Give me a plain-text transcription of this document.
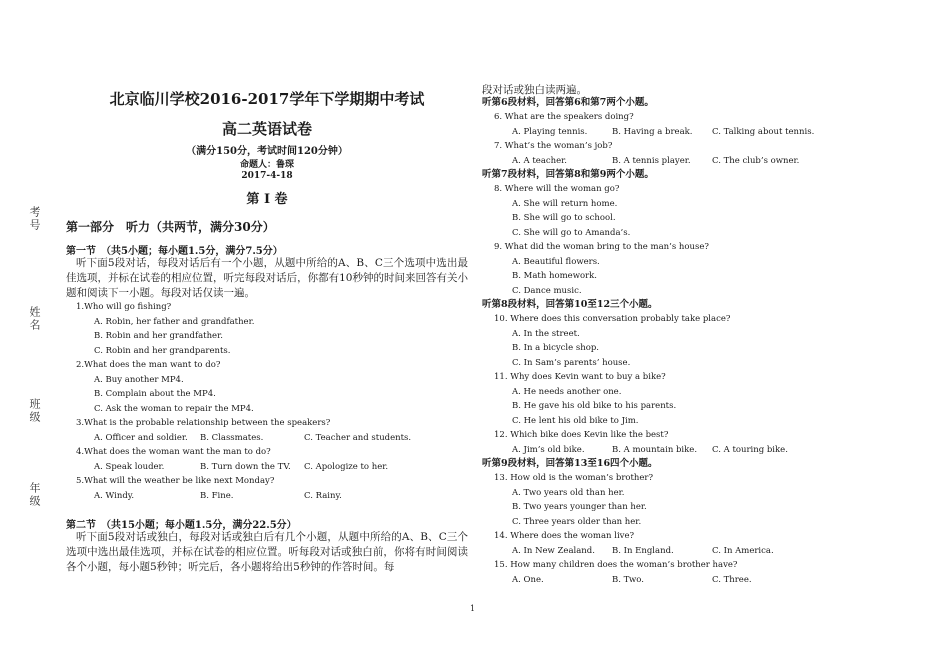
考号
姓名
班级
年级
北京临川学校2016-2017学年下学期期中考试
高二英语试卷
（满分150分，考试时间120分钟）
命题人：鲁琛
2017-4-18
第 I 卷
第一部分　听力（共两节，满分30分）
第一节　（共5小题；每小题1.5分，满分7.5分）
听下面5段对话，每段对话后有一个小题，从题中所给的A、B、C三个选项中选出最佳选项，并标在试卷的相应位置，听完每段对话后，你都有10秒钟的时间来回答有关小题和阅读下一小题。每段对话仅读一遍。
1.Who will go fishing?
A. Robin, her father and grandfather.
B. Robin and her grandfather.
C. Robin and her grandparents.
2.What does the man want to do?
A. Buy another MP4.
B. Complain about the MP4.
C. Ask the woman to repair the MP4.
3.What is the probable relationship between the speakers?
A. Officer and soldier.	B. Classmates.	C. Teacher and students.
4.What does the woman want the man to do?
A. Speak louder.	B. Turn down the TV.	C. Apologize to her.
5.What will the weather be like next Monday?
A. Windy.	B. Fine.	C. Rainy.
第二节　（共15小题；每小题1.5分，满分22.5分）
听下面5段对话或独白，每段对话或独白后有几个小题，从题中所给的A、B、C三个选项中选出最佳选项，并标在试卷的相应位置。听每段对话或独白前，你将有时间阅读各个小题，每小题5秒钟；听完后，各小题将给出5秒钟的作答时间。每
段对话或独白读两遍。
听第6段材料，回答第6和第7两个小题。
6. What are the speakers doing?
A. Playing tennis.	B. Having a break.	C. Talking about tennis.
7. What’s the woman’s job?
A. A teacher.	B. A tennis player.	C. The club’s owner.
听第7段材料，回答第8和第9两个小题。
8. Where will the woman go?
A. She will return home.
B. She will go to school.
C. She will go to Amanda’s.
9. What did the woman bring to the man’s house?
A. Beautiful flowers.
B. Math homework.
C. Dance music.
听第8段材料，回答第10至12三个小题。
10. Where does this conversation probably take place?
A. In the street.
B. In a bicycle shop.
C. In Sam’s parents’ house.
11. Why does Kevin want to buy a bike?
A. He needs another one.
B. He gave his old bike to his parents.
C. He lent his old bike to Jim.
12. Which bike does Kevin like the best?
A. Jim’s old bike.	B. A mountain bike.	C. A touring bike.
听第9段材料，回答第13至16四个小题。
13. How old is the woman’s brother?
A. Two years old than her.
B. Two years younger than her.
C. Three years older than her.
14. Where does the woman live?
A. In New Zealand.	B. In England.	C. In America.
15. How many children does the woman’s brother have?
A. One.	B. Two.	C. Three.
1
